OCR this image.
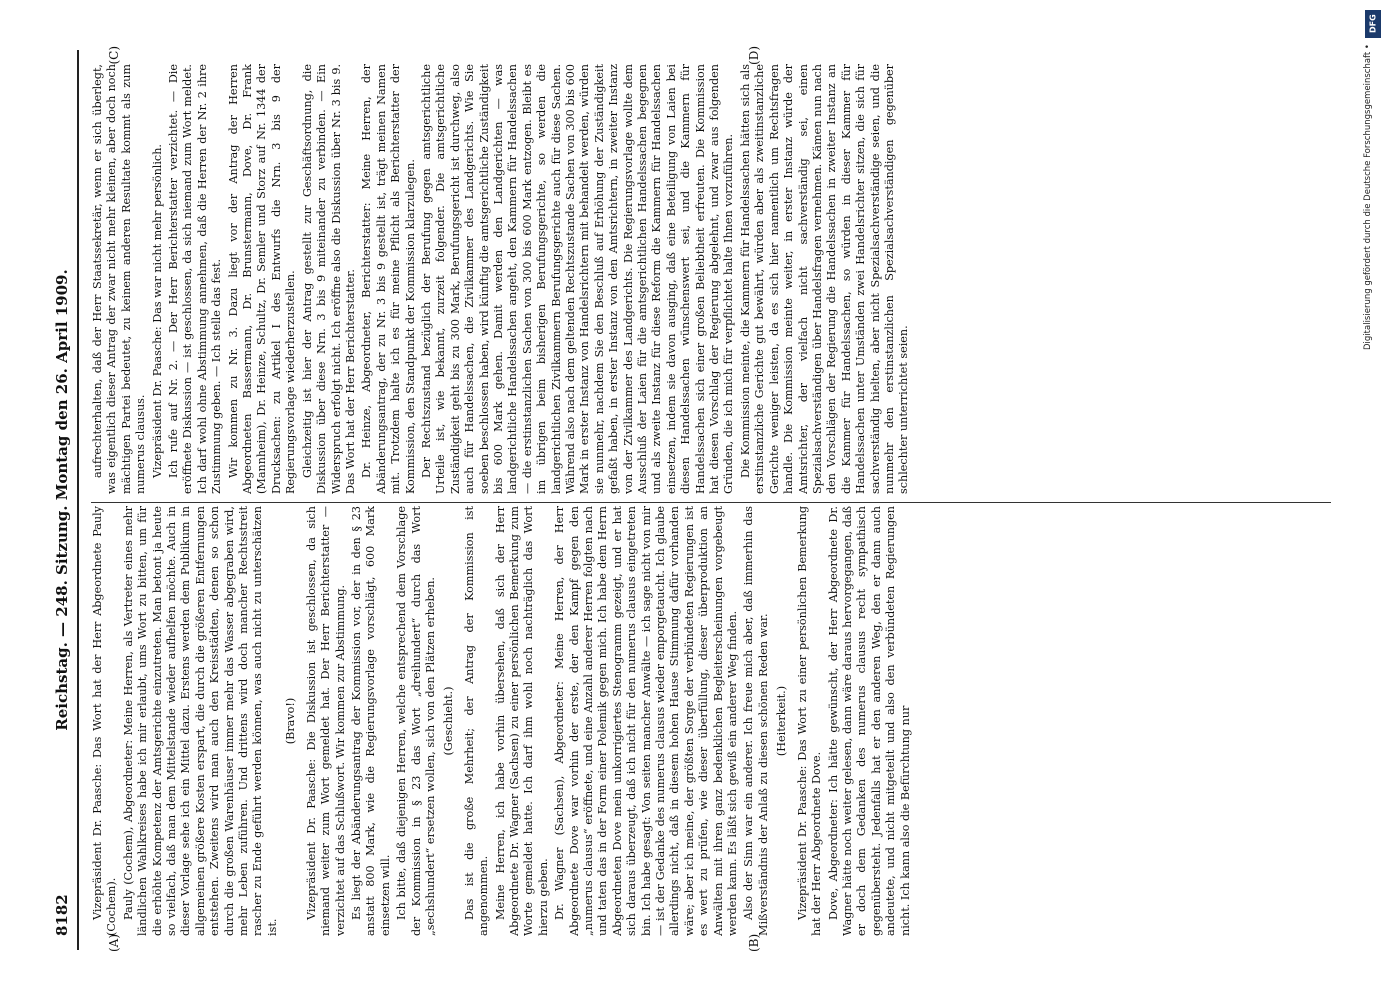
8182
Reichstag. — 248. Sitzung. Montag den 26. April 1909.
(A)	(B)
(C)	(D)

Vizepräsident Dr. Paasche: Das Wort hat der Herr Abgeordnete Pauly (Cochem). Pauly (Cochem), Abgeordneter: Meine Herren, als Vertreter eines mehr ländlichen Wahlkreises habe ich mir erlaubt, ums Wort zu bitten, um für die erhöhte Kompetenz der Amtsgerichte einzutreten. Man betont ja heute so vielfach, daß man dem Mittelstande wieder aufhelfen möchte. Auch in dieser Vorlage sehe ich ein Mittel dazu. Erstens werden dem Publikum in allgemeinen größere Kosten erspart, die durch die größeren Entfernungen entstehen. Zweitens wird man auch den Kreisstädten, denen so schon durch die großen Warenhäuser immer mehr das Wasser abgegraben wird, mehr Leben zuführen. Und drittens wird doch mancher Rechtsstreit rascher zu Ende geführt werden können, was auch nicht zu unterschätzen ist.

(Bravo!) Vizepräsident Dr. Paasche: Die Diskussion ist geschlossen, da sich niemand weiter zum Wort gemeldet hat. Der Herr Berichterstatter — verzichtet auf das Schlußwort. Wir kommen zur Abstimmung. Es liegt der Abänderungsantrag der Kommission vor, der in den § 23 anstatt 800 Mark, wie die Regierungsvorlage vorschlägt, 600 Mark einsetzen will. Ich bitte, daß diejenigen Herren, welche entsprechend dem Vorschlage der Kommission in § 23 das Wort „dreihundert“ durch das Wort „sechshundert“ ersetzen wollen, sich von den Plätzen erheben. (Geschieht.) Das ist die große Mehrheit; der Antrag der Kommission ist angenommen. Meine Herren, ich habe vorhin übersehen, daß sich der Herr Abgeordnete Dr. Wagner (Sachsen) zu einer persönlichen Bemerkung zum Worte gemeldet hatte. Ich darf ihm wohl noch nachträglich das Wort hierzu geben. Dr. Wagner (Sachsen), Abgeordneter: Meine Herren, der Herr Abgeordnete Dove war vorhin der erste, der den Kampf gegen den „numerus clausus“ eröffnete, und eine Anzahl anderer Herren folgten nach und taten das in der Form einer Polemik gegen mich. Ich habe dem Herrn Abgeordneten Dove mein unkorrigiertes Stenogramm gezeigt, und er hat sich daraus überzeugt, daß ich nicht für den numerus clausus eingetreten bin. Ich habe gesagt: Von seiten mancher Anwälte — ich sage nicht von mir — ist der Gedanke des numerus clausus wieder emporgetaucht. Ich glaube allerdings nicht, daß in diesem hohen Hause Stimmung dafür vorhanden wäre; aber ich meine, der größten Sorge der verbündeten Regierungen ist es wert zu prüfen, wie dieser überfüllung, dieser überproduktion an Anwälten mit ihren ganz bedenklichen Begleiterscheinungen vorgebeugt werden kann. Es läßt sich gewiß ein anderer Weg finden. Also der Sinn war ein anderer. Ich freue mich aber, daß immerhin das Mißverständnis der Anlaß zu diesen schönen Reden war. (Heiterkeit.) Vizepräsident Dr. Paasche: Das Wort zu einer persönlichen Bemerkung hat der Herr Abgeordnete Dove. Dove, Abgeordneter: Ich hätte gewünscht, der Herr Abgeordnete Dr. Wagner hätte noch weiter gelesen, dann wäre daraus hervorgegangen, daß er doch dem Gedanken des numerus clausus recht sympathisch gegenübersteht. Jedenfalls hat er den anderen Weg, den er dann auch andeutete, und nicht mitgeteilt und also den verbündeten Regierungen nicht. Ich kann also die Befürchtung nur

aufrechterhalten, daß der Herr Staatssekretär, wenn er sich überlegt, was eigentlich dieser Antrag der zwar nicht mehr kleinen, aber doch noch mächtigen Partei bedeutet, zu keinem anderen Resultate kommt als zum numerus clausus. Vizepräsident Dr. Paasche: Das war nicht mehr persönlich. Ich rufe auf Nr. 2. — Der Herr Berichterstatter verzichtet. — Die eröffnete Diskussion — ist geschlossen, da sich niemand zum Wort meldet. Ich darf wohl ohne Abstimmung annehmen, daß die Herren der Nr. 2 ihre Zustimmung geben. — Ich stelle das fest. Wir kommen zu Nr. 3. Dazu liegt vor der Antrag der Herren Abgeordneten Bassermann, Dr. Brunstermann, Dove, Dr. Frank (Mannheim), Dr. Heinze, Schultz, Dr. Semler und Storz auf Nr. 1344 der Drucksachen: zu Artikel I des Entwurfs die Nrn. 3 bis 9 der Regierungsvorlage wiederherzustellen. Gleichzeitig ist hier der Antrag gestellt zur Geschäftsordnung, die Diskussion über diese Nrn. 3 bis 9 miteinander zu verbinden. — Ein Widerspruch erfolgt nicht. Ich eröffne also die Diskussion über Nr. 3 bis 9. Das Wort hat der Herr Berichterstatter. Dr. Heinze, Abgeordneter, Berichterstatter: Meine Herren, der Abänderungsantrag, der zu Nr. 3 bis 9 gestellt ist, trägt meinen Namen mit. Trotzdem halte ich es für meine Pflicht als Berichterstatter der Kommission, den Standpunkt der Kommission klarzulegen. Der Rechtszustand bezüglich der Berufung gegen amtsgerichtliche Urteile ist, wie bekannt, zurzeit folgender. Die amtsgerichtliche Zuständigkeit geht bis zu 300 Mark, Berufungsgericht ist durchweg, also auch für Handelssachen, die Zivilkammer des Landgerichts. Wie Sie soeben beschlossen haben, wird künftig die amtsgerichtliche Zuständigkeit bis 600 Mark gehen. Damit werden den Landgerichten — was landgerichtliche Handelssachen angeht, den Kammern für Handelssachen — die erstinstanzlichen Sachen von 300 bis 600 Mark entzogen. Bleibt es im übrigen beim bisherigen Berufungsgerichte, so werden die landgerichtlichen Zivilkammern Berufungsgerichte auch für diese Sachen. Während also nach dem geltenden Rechtszustande Sachen von 300 bis 600 Mark in erster Instanz von Handelsrichtern mit behandelt werden, würden sie nunmehr, nachdem Sie den Beschluß auf Erhöhung der Zuständigkeit gefaßt haben, in erster Instanz von den Amtsrichtern, in zweiter Instanz von der Zivilkammer des Landgerichts. Die Regierungsvorlage wollte dem Ausschluß der Laien für die amtsgerichtlichen Handelssachen begegnen und als zweite Instanz für diese Reform die Kammern für Handelssachen einsetzen, indem sie davon ausging, daß eine Beteiligung von Laien bei diesen Handelssachen wünschenswert sei, und die Kammern für Handelssachen sich einer großen Beliebtheit erfreuten. Die Kommission hat diesen Vorschlag der Regierung abgelehnt, und zwar aus folgenden Gründen, die ich mich für verpflichtet halte Ihnen vorzuführen. Die Kommission meinte, die Kammern für Handelssachen hätten sich als erstinstanzliche Gerichte gut bewährt, würden aber als zweitinstanzliche Gerichte weniger leisten, da es sich hier namentlich um Rechtsfragen handle. Die Kommission meinte weiter, in erster Instanz würde der Amtsrichter, der vielfach nicht sachverständig sei, einen Spezialsachverständigen über Handelsfragen vernehmen. Kämen nun nach den Vorschlägen der Regierung die Handelssachen in zweiter Instanz an die Kammer für Handelssachen, so würden in dieser Kammer für Handelssachen unter Umständen zwei Handelsrichter sitzen, die sich für sachverständig hielten, aber nicht Spezialsachverständige seien, und die nunmehr den erstinstanzlichen Spezialsachverständigen gegenüber schlechter unterrichtet seien.

DFG
Digitalisierung gefördert durch die Deutsche Forschungsgemeinschaft •
